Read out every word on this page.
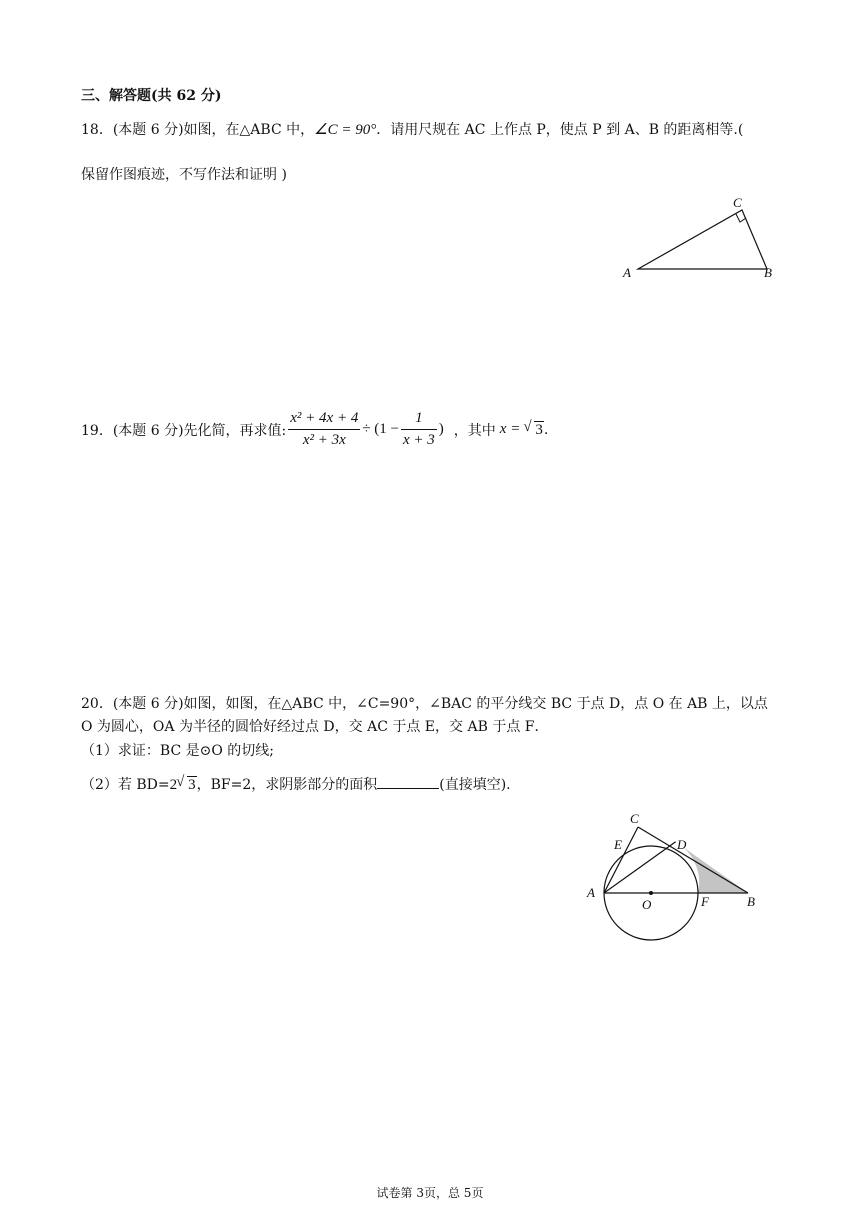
三、解答题(共 62 分)
18．(本题 6 分)如图，在△ABC 中，∠C = 90°．请用尺规在 AC 上作点 P，使点 P 到 A、B 的距离相等.(
保留作图痕迹，不写作法和证明 )
A	B
C
19．(本题 6 分)先化简，再求值: $\frac{\text{x² + 4x + 4}}{\text{x² + 3x}} \div (1 - \frac{1}{x + 3}$ ) ，其中 x =	√ 3 .
20．(本题 6 分)如图，如图，在△ABC 中，∠C=90°，∠BAC 的平分线交 BC 于点 D，点 O 在 AB 上，以点
O 为圆心，OA 为半径的圆恰好经过点 D，交 AC 于点 E，交 AB 于点 F．
（1）求证：BC 是⊙O 的切线;
（2）若 BD=2 √ 3，BF=2，求阴影部分的面积	(直接填空).
C
E	D
A
O	F	B
试卷第 3页，总 5页
